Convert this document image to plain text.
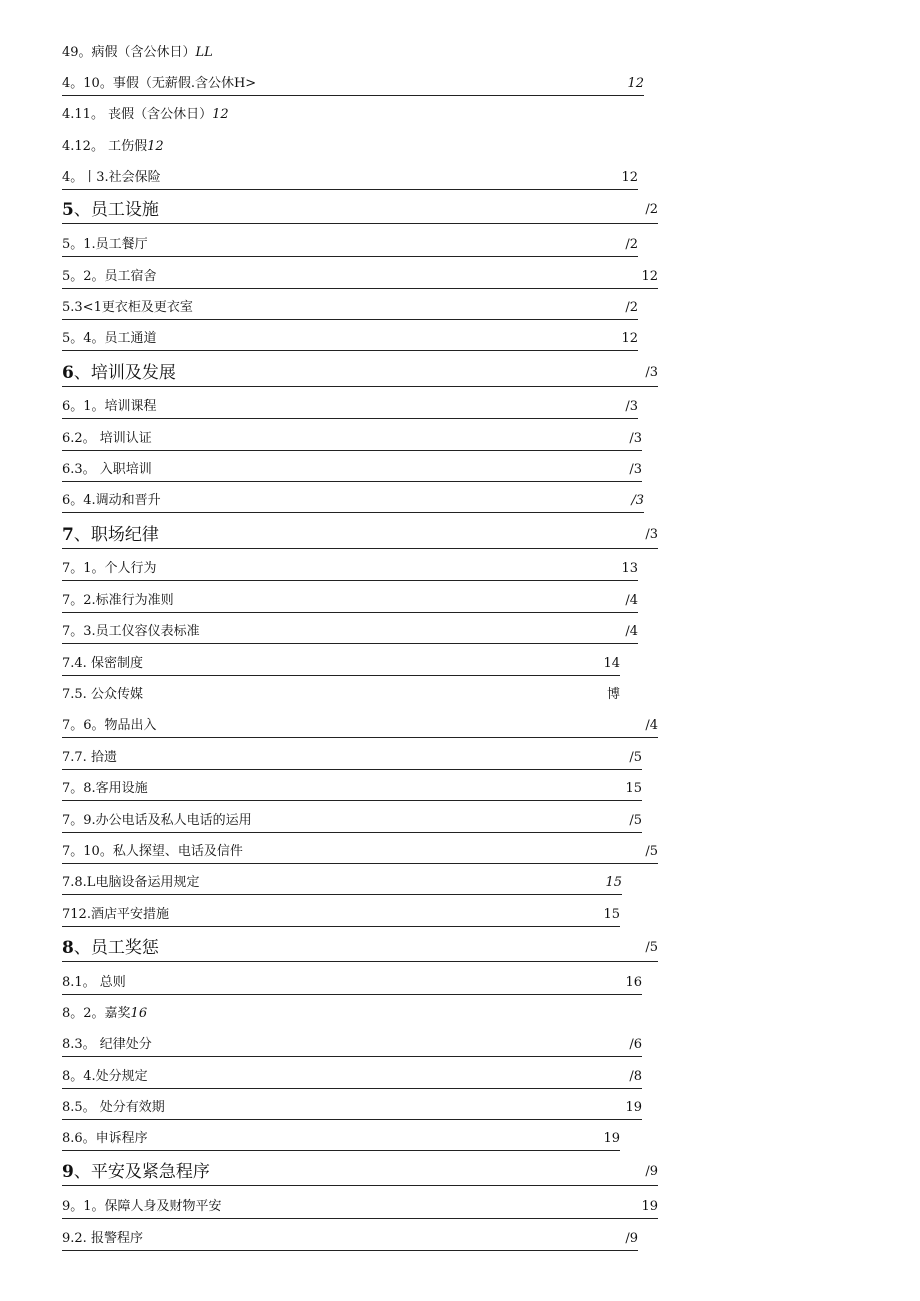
49。病假（含公休日）LL
4。10。事假（无薪假.含公休H>	12
4.11。 丧假（含公休日）12
4.12。 工伤假12
4。丨3.社会保险	12
5、员工设施	/2
5。1.员工餐厅	/2
5。2。员工宿舍	12
5.3<1更衣柜及更衣室	/2
5。4。员工通道	12
6、培训及发展	/3
6。1。培训课程	/3
6.2。 培训认证	/3
6.3。 入职培训	/3
6。4.调动和晋升	/3
7、职场纪律	/3
7。1。个人行为	13
7。2.标准行为准则	/4
7。3.员工仪容仪表标准	/4
7.4. 保密制度	14
7.5. 公众传媒	博
7。6。物品出入	/4
7.7. 拾遗	/5
7。8.客用设施	15
7。9.办公电话及私人电话的运用	/5
7。10。私人探望、电话及信件	/5
7.8.L电脑设备运用规定	15
712.酒店平安措施	15
8、员工奖惩	/5
8.1。 总则	16
8。2。嘉奖16
8.3。 纪律处分	/6
8。4.处分规定	/8
8.5。 处分有效期	19
8.6。申诉程序	19
9、平安及紧急程序	/9
9。1。保障人身及财物平安	19
9.2. 报警程序	/9
